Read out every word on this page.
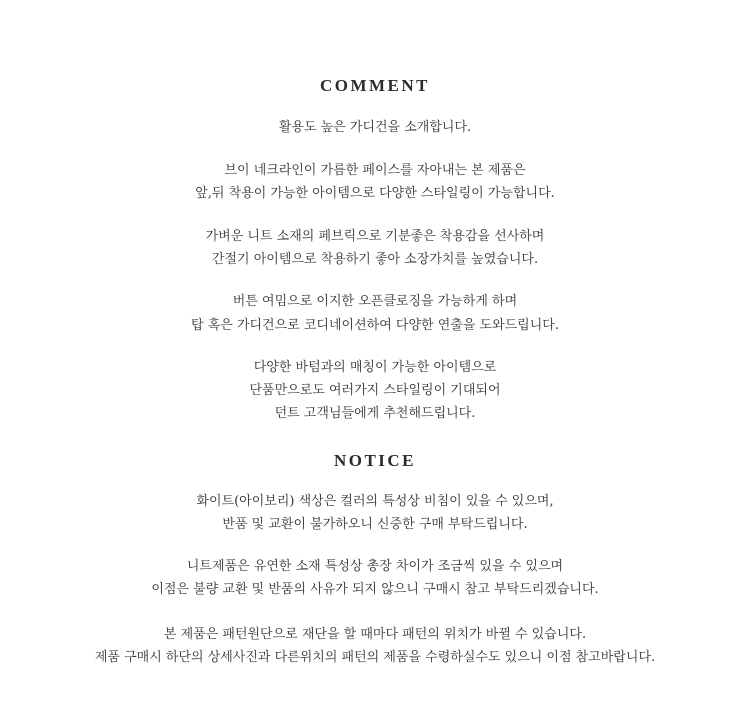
COMMENT
활용도 높은 가디건을 소개합니다.
브이 네크라인이 가름한 페이스를 자아내는 본 제품은
앞,뒤 착용이 가능한 아이템으로 다양한 스타일링이 가능합니다.
가벼운 니트 소재의 페브릭으로 기분좋은 착용감을 선사하며
간절기 아이템으로 착용하기 좋아 소장가치를 높였습니다.
버튼 여밈으로 이지한 오픈클로징을 가능하게 하며
탑 혹은 가디건으로 코디네이션하여 다양한 연출을 도와드립니다.
다양한 바텀과의 매칭이 가능한 아이템으로
단품만으로도 여러가지 스타일링이 기대되어
던트 고객님들에게 추천해드립니다.
NOTICE
화이트(아이보리) 색상은 컬러의 특성상 비침이 있을 수 있으며,
반품 및 교환이 불가하오니 신중한 구매 부탁드립니다.
니트제품은 유연한 소재 특성상 총장 차이가 조금씩 있을 수 있으며
이점은 불량 교환 및 반품의 사유가 되지 않으니 구매시 참고 부탁드리겠습니다.
본 제품은 패턴원단으로 재단을 할 때마다 패턴의 위치가 바뀔 수 있습니다.
제품 구매시 하단의 상세사진과 다른위치의 패턴의 제품을 수령하실수도 있으니 이점 참고바랍니다.
